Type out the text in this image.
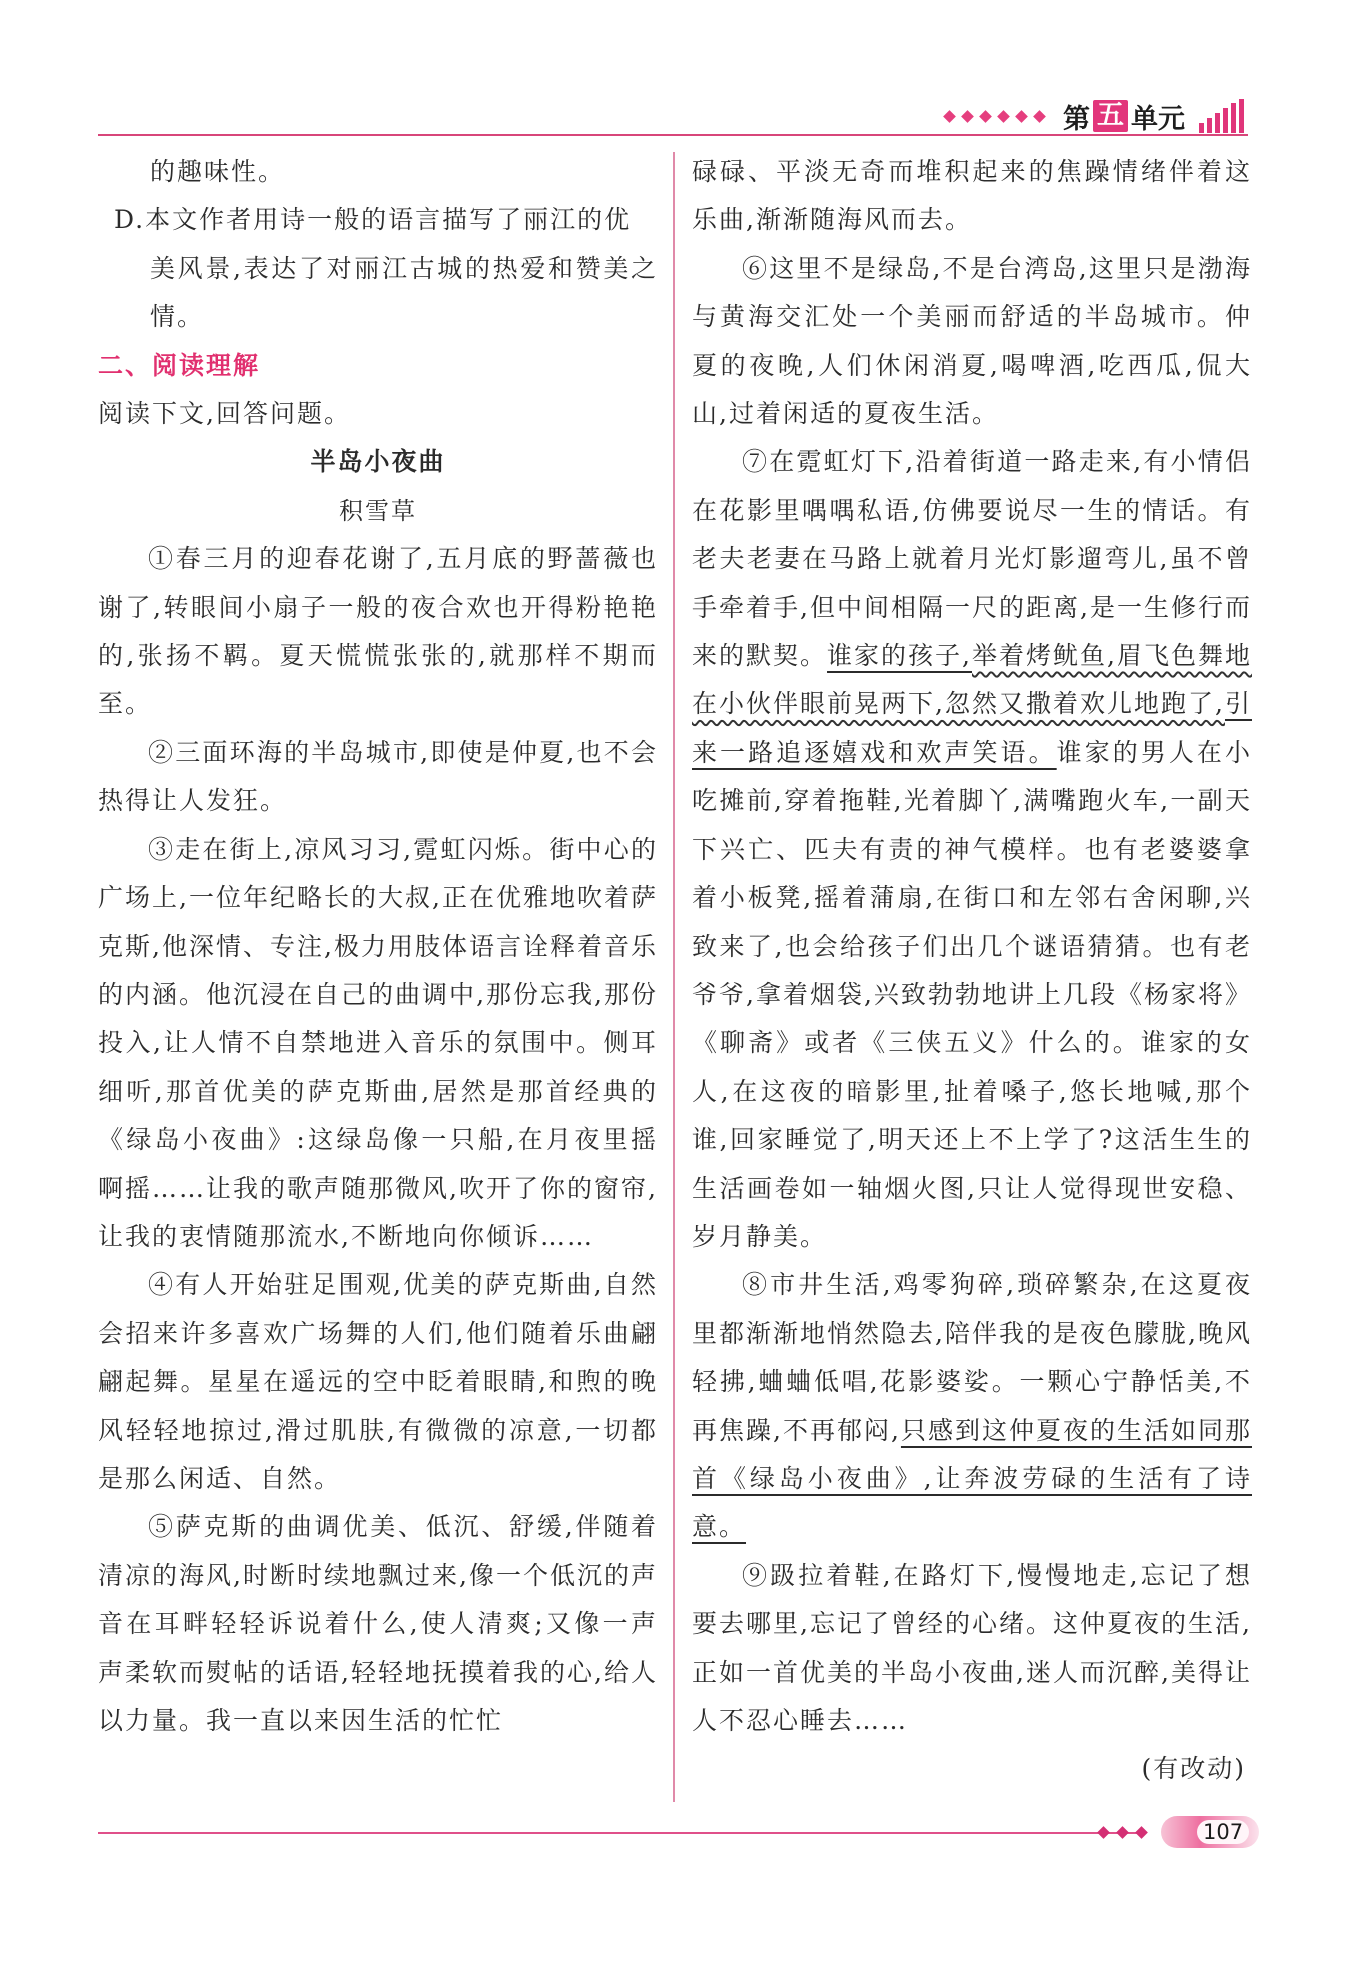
第 五 单元

的趣味性。

D.本文作者用诗一般的语言描写了丽江的优

美风景,表达了对丽江古城的热爱和赞美之情。

二、阅读理解

阅读下文,回答问题。

半岛小夜曲

积雪草

①春三月的迎春花谢了,五月底的野蔷薇也谢了,转眼间小扇子一般的夜合欢也开得粉艳艳的,张扬不羁。夏天慌慌张张的,就那样不期而至。

②三面环海的半岛城市,即使是仲夏,也不会热得让人发狂。

③走在街上,凉风习习,霓虹闪烁。街中心的广场上,一位年纪略长的大叔,正在优雅地吹着萨克斯,他深情、专注,极力用肢体语言诠释着音乐的内涵。他沉浸在自己的曲调中,那份忘我,那份投入,让人情不自禁地进入音乐的氛围中。侧耳细听,那首优美的萨克斯曲,居然是那首经典的《绿岛小夜曲》:这绿岛像一只船,在月夜里摇啊摇……让我的歌声随那微风,吹开了你的窗帘,让我的衷情随那流水,不断地向你倾诉……

④有人开始驻足围观,优美的萨克斯曲,自然会招来许多喜欢广场舞的人们,他们随着乐曲翩翩起舞。星星在遥远的空中眨着眼睛,和煦的晚风轻轻地掠过,滑过肌肤,有微微的凉意,一切都是那么闲适、自然。

⑤萨克斯的曲调优美、低沉、舒缓,伴随着清凉的海风,时断时续地飘过来,像一个低沉的声音在耳畔轻轻诉说着什么,使人清爽;又像一声声柔软而熨帖的话语,轻轻地抚摸着我的心,给人以力量。我一直以来因生活的忙忙

碌碌、平淡无奇而堆积起来的焦躁情绪伴着这乐曲,渐渐随海风而去。

⑥这里不是绿岛,不是台湾岛,这里只是渤海与黄海交汇处一个美丽而舒适的半岛城市。仲夏的夜晚,人们休闲消夏,喝啤酒,吃西瓜,侃大山,过着闲适的夏夜生活。

⑦在霓虹灯下,沿着街道一路走来,有小情侣在花影里喁喁私语,仿佛要说尽一生的情话。有老夫老妻在马路上就着月光灯影遛弯儿,虽不曾手牵着手,但中间相隔一尺的距离,是一生修行而来的默契。谁家的孩子,举着烤鱿鱼,眉飞色舞地在小伙伴眼前晃两下,忽然又撒着欢儿地跑了,引来一路追逐嬉戏和欢声笑语。谁家的男人在小吃摊前,穿着拖鞋,光着脚丫,满嘴跑火车,一副天下兴亡、匹夫有责的神气模样。也有老婆婆拿着小板凳,摇着蒲扇,在街口和左邻右舍闲聊,兴致来了,也会给孩子们出几个谜语猜猜。也有老爷爷,拿着烟袋,兴致勃勃地讲上几段《杨家将》《聊斋》或者《三侠五义》什么的。谁家的女人,在这夜的暗影里,扯着嗓子,悠长地喊,那个谁,回家睡觉了,明天还上不上学了?这活生生的生活画卷如一轴烟火图,只让人觉得现世安稳、岁月静美。

⑧市井生活,鸡零狗碎,琐碎繁杂,在这夏夜里都渐渐地悄然隐去,陪伴我的是夜色朦胧,晚风轻拂,蛐蛐低唱,花影婆娑。一颗心宁静恬美,不再焦躁,不再郁闷,只感到这仲夏夜的生活如同那首《绿岛小夜曲》,让奔波劳碌的生活有了诗意。

⑨趿拉着鞋,在路灯下,慢慢地走,忘记了想要去哪里,忘记了曾经的心绪。这仲夏夜的生活,正如一首优美的半岛小夜曲,迷人而沉醉,美得让人不忍心睡去……

(有改动)

107
